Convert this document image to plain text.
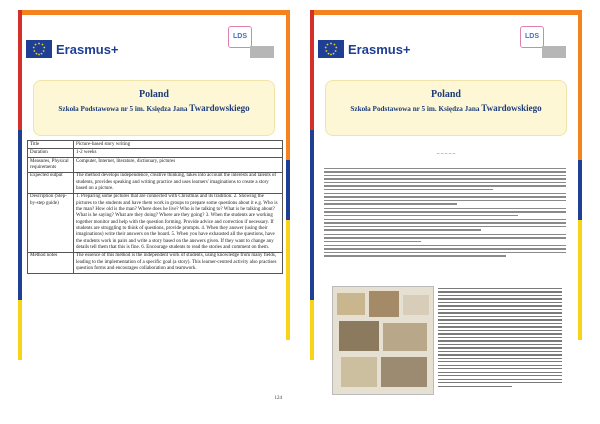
Erasmus+
LDS
Poland
Szkoła Podstawowa nr 5 im. Księdza Jana Twardowskiego
Title	Picture-based story writing
Duration	1-2 weeks
Measures, Physical requirements	Computer, Internet, literature, dictionary, pictures
Expected output	The method develops independence, creative thinking, takes into account the interests and talents of students, provides speaking and writing practice and uses learners' imaginations to create a story based on a picture.
Description (Step-by-step guide)	1. Preparing some pictures that are connected with Christmas and its tradition. 2. Showing the pictures to the students and have them work in groups to prepare some questions about it e.g. Who is the man? How old is the man? Where does he live? Who is he talking to? What is he talking about? What is he saying? What are they doing? Where are they going? 3. When the students are working together monitor and help with the question forming. Provide advice and correction if necessary. If students are struggling to think of questions, provide prompts. 4. When they answer (using their imaginations) write their answers on the board. 5. When you have exhausted all the questions, have the students work in pairs and write a story based on the answers given. If they want to change any details tell them that this is fine. 6. Encourage students to read the stories and comment on them.
Method notes	The essence of this method is the independent work of students, using knowledge from many fields, leading to the implementation of a specific goal (a story). This learner-centred activity also practises question forms and encourages collaboration and teamwork.
124
Erasmus+
LDS
Poland
Szkoła Podstawowa nr 5 im. Księdza Jana Twardowskiego
~ ~ ~ ~ ~
